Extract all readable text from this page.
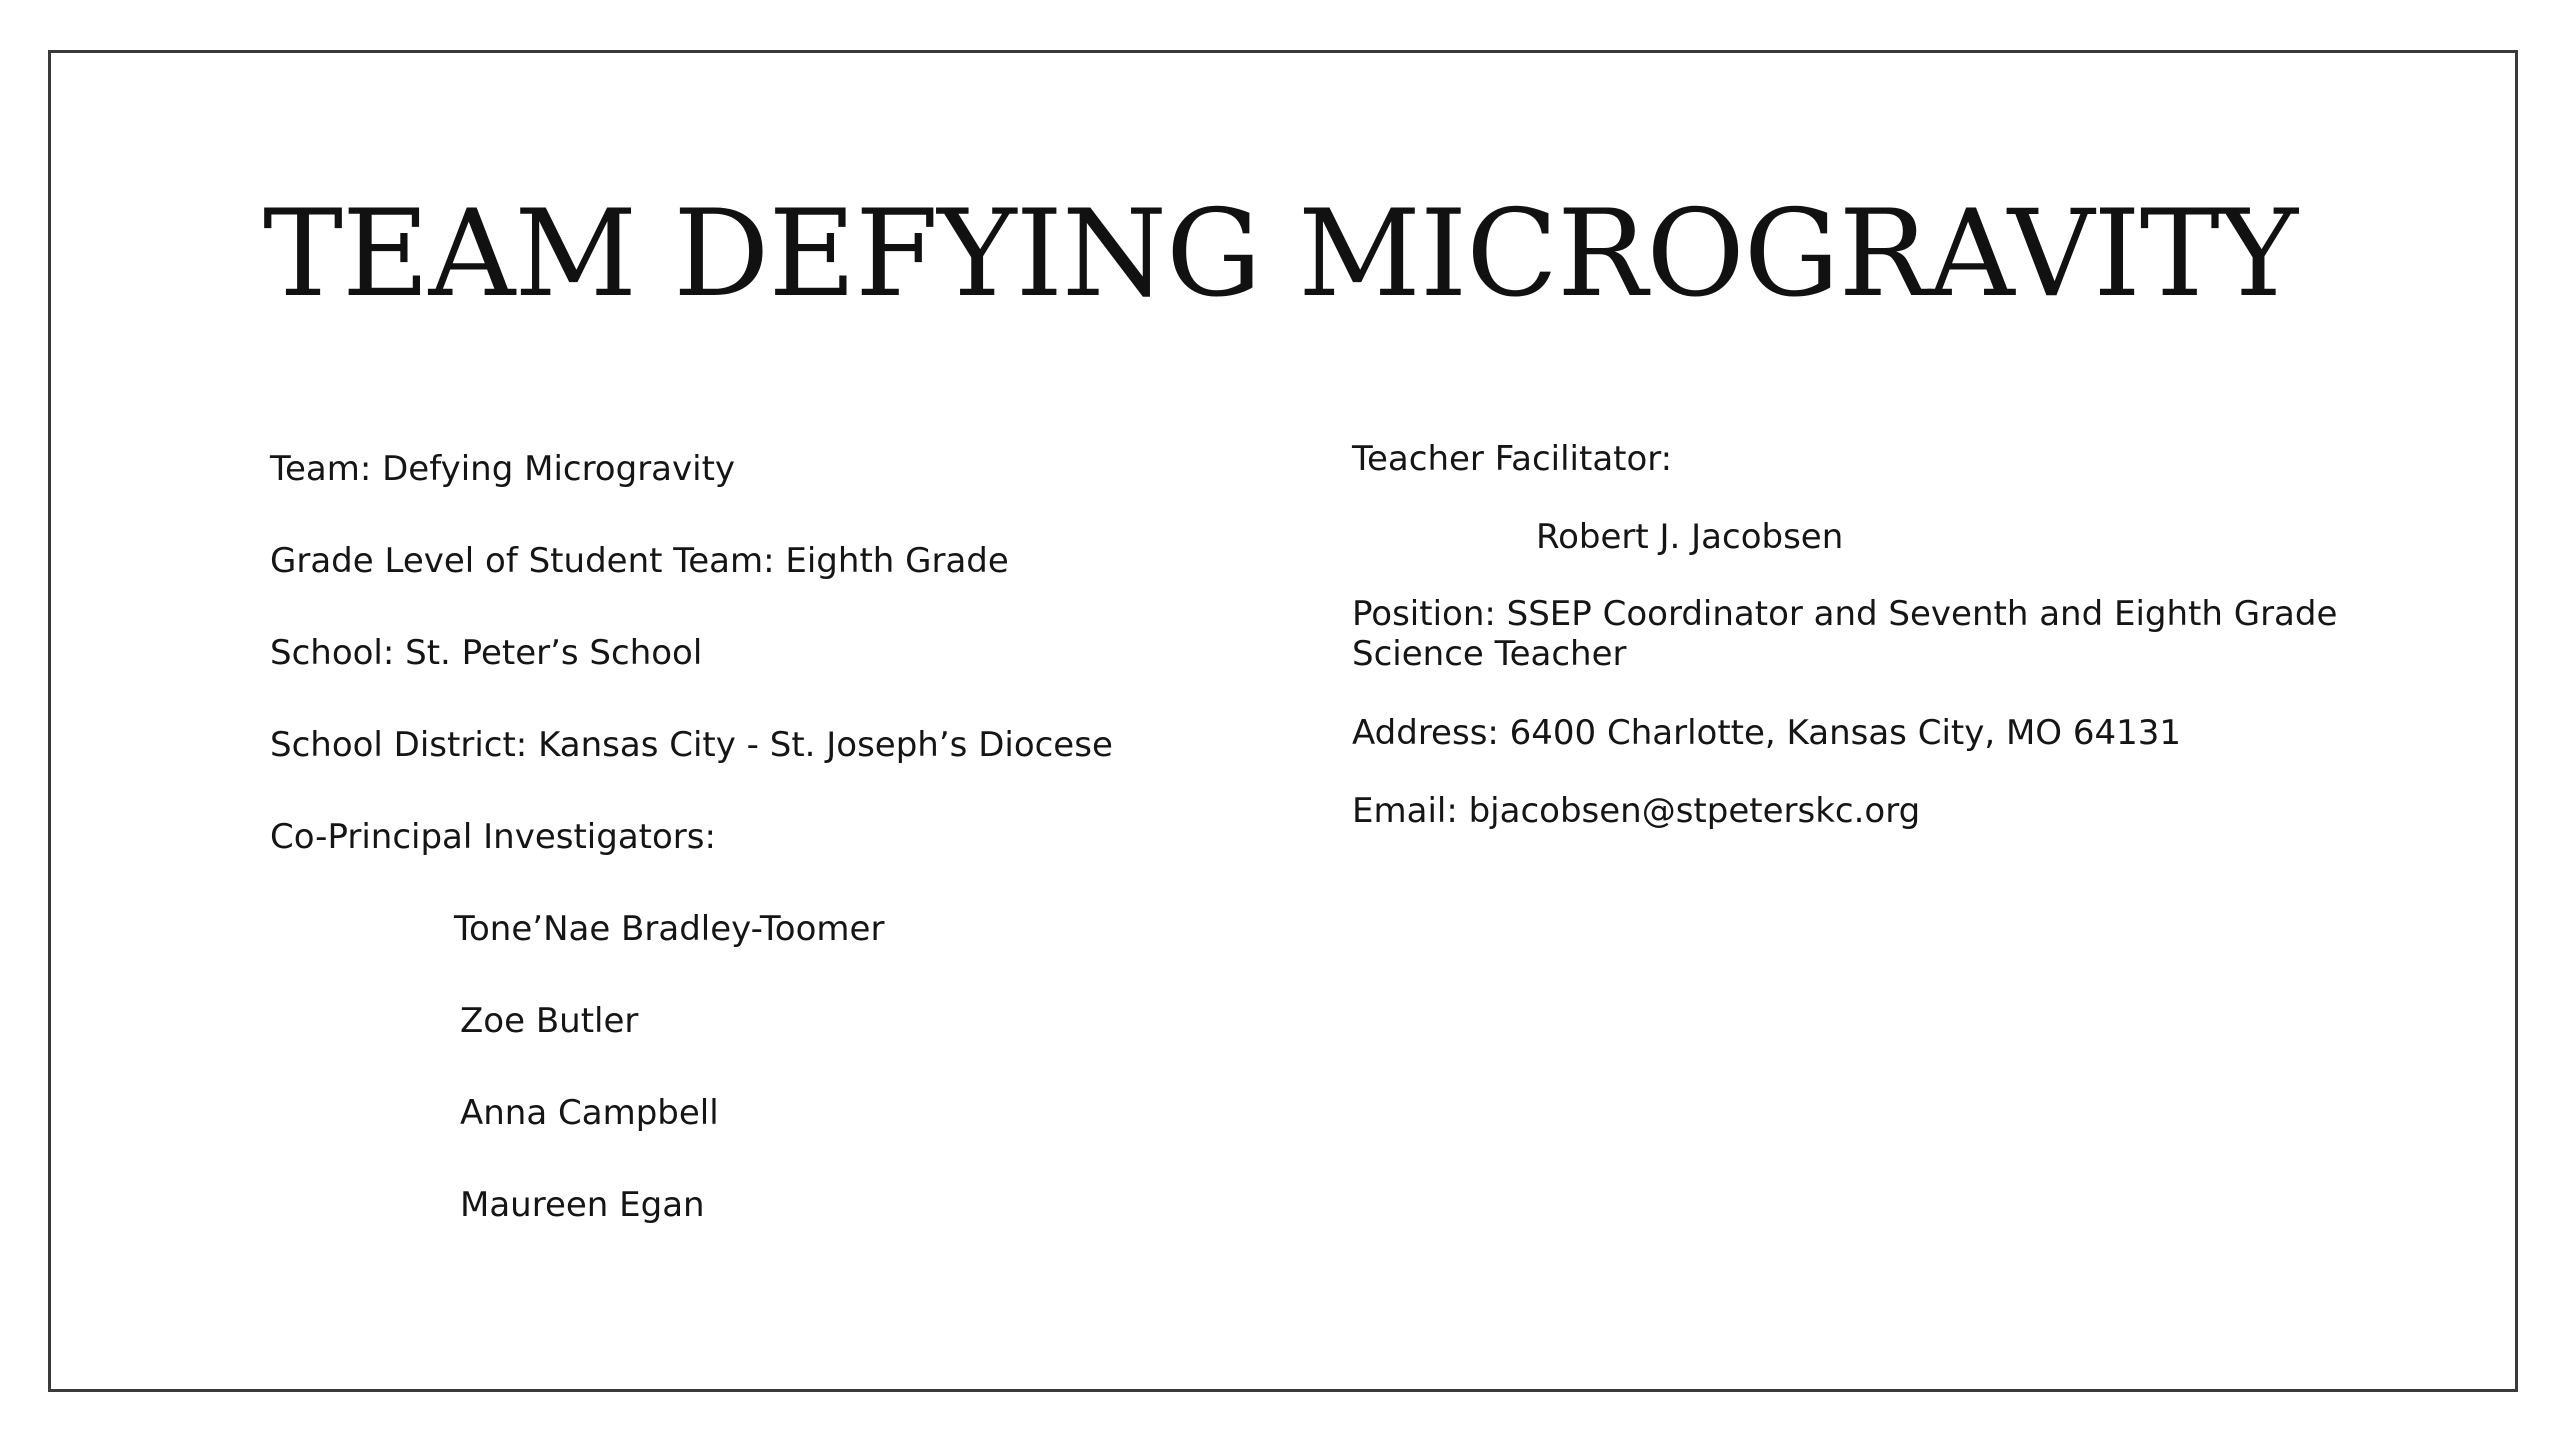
TEAM DEFYING MICROGRAVITY
Team: Defying Microgravity
Grade Level of Student Team: Eighth Grade
School: St. Peter’s School
School District: Kansas City - St. Joseph’s Diocese
Co-Principal Investigators:
Tone’Nae Bradley-Toomer
Zoe Butler
Anna Campbell
Maureen Egan
Teacher Facilitator:
Robert J. Jacobsen
Position: SSEP Coordinator and Seventh and Eighth Grade Science Teacher
Address: 6400 Charlotte, Kansas City, MO 64131
Email: bjacobsen@stpeterskc.org
